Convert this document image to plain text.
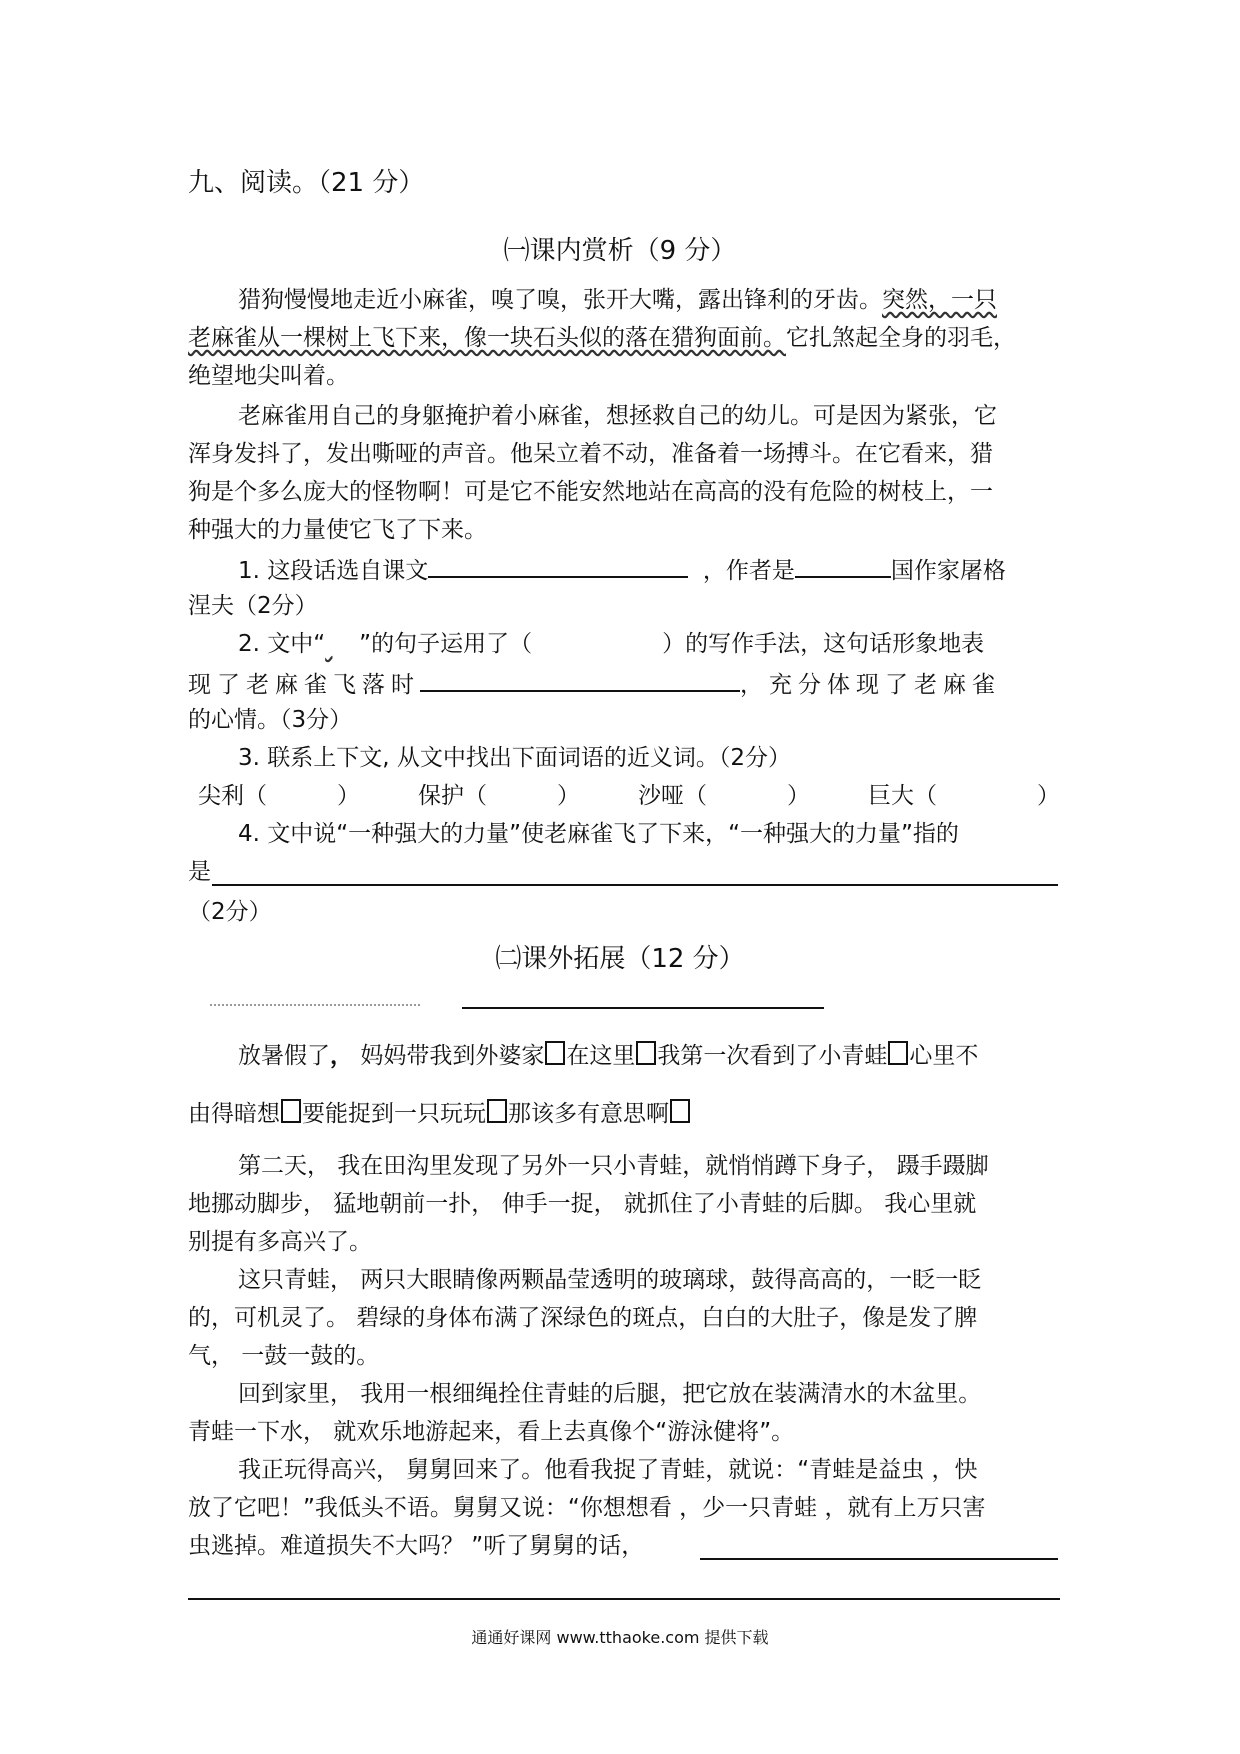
九、阅读。（21 分）
㈠课内赏析（9 分）
猎狗慢慢地走近小麻雀，嗅了嗅，张开大嘴，露出锋利的牙齿。突然，一只
老麻雀从一棵树上飞下来，像一块石头似的落在猎狗面前。它扎煞起全身的羽毛，
绝望地尖叫着。
老麻雀用自己的身躯掩护着小麻雀，想拯救自己的幼儿。可是因为紧张，它
浑身发抖了，发出嘶哑的声音。他呆立着不动，准备着一场搏斗。在它看来，猎
狗是个多么庞大的怪物啊！可是它不能安然地站在高高的没有危险的树枝上，一
种强大的力量使它飞了下来。
1. 这段话选自课文	，作者是	国作家屠格
涅夫（2分）
2. 文中“ ”的句子运用了（	）的写作手法，这句话形象地表
现了老麻雀飞落时	，充分体现了老麻雀
的心情。（3分）
3. 联系上下文, 从文中找出下面词语的近义词。（2分）
尖利（	）	保护（	）	沙哑（	）	巨大（	）
4. 文中说“一种强大的力量”使老麻雀飞了下来，“一种强大的力量”指的
是
（2分）
㈡课外拓展（12 分）
放暑假了， 妈妈带我到外婆家 在这里 我第一次看到了小青蛙 心里不
由得暗想 要能捉到一只玩玩 那该多有意思啊
第二天， 我在田沟里发现了另外一只小青蛙，就悄悄蹲下身子， 蹑手蹑脚
地挪动脚步， 猛地朝前一扑， 伸手一捉， 就抓住了小青蛙的后脚。 我心里就
别提有多高兴了。
这只青蛙， 两只大眼睛像两颗晶莹透明的玻璃球，鼓得高高的，一眨一眨
的，可机灵了。 碧绿的身体布满了深绿色的斑点，白白的大肚子，像是发了脾
气， 一鼓一鼓的。
回到家里， 我用一根细绳拴住青蛙的后腿，把它放在装满清水的木盆里。
青蛙一下水， 就欢乐地游起来，看上去真像个“游泳健将”。
我正玩得高兴， 舅舅回来了。他看我捉了青蛙，就说：“青蛙是益虫 ，快
放了它吧！”我低头不语。舅舅又说：“你想想看 ，少一只青蛙 ，就有上万只害
虫逃掉。难道损失不大吗？ ”听了舅舅的话，
通通好课网 www.tthaoke.com 提供下载
